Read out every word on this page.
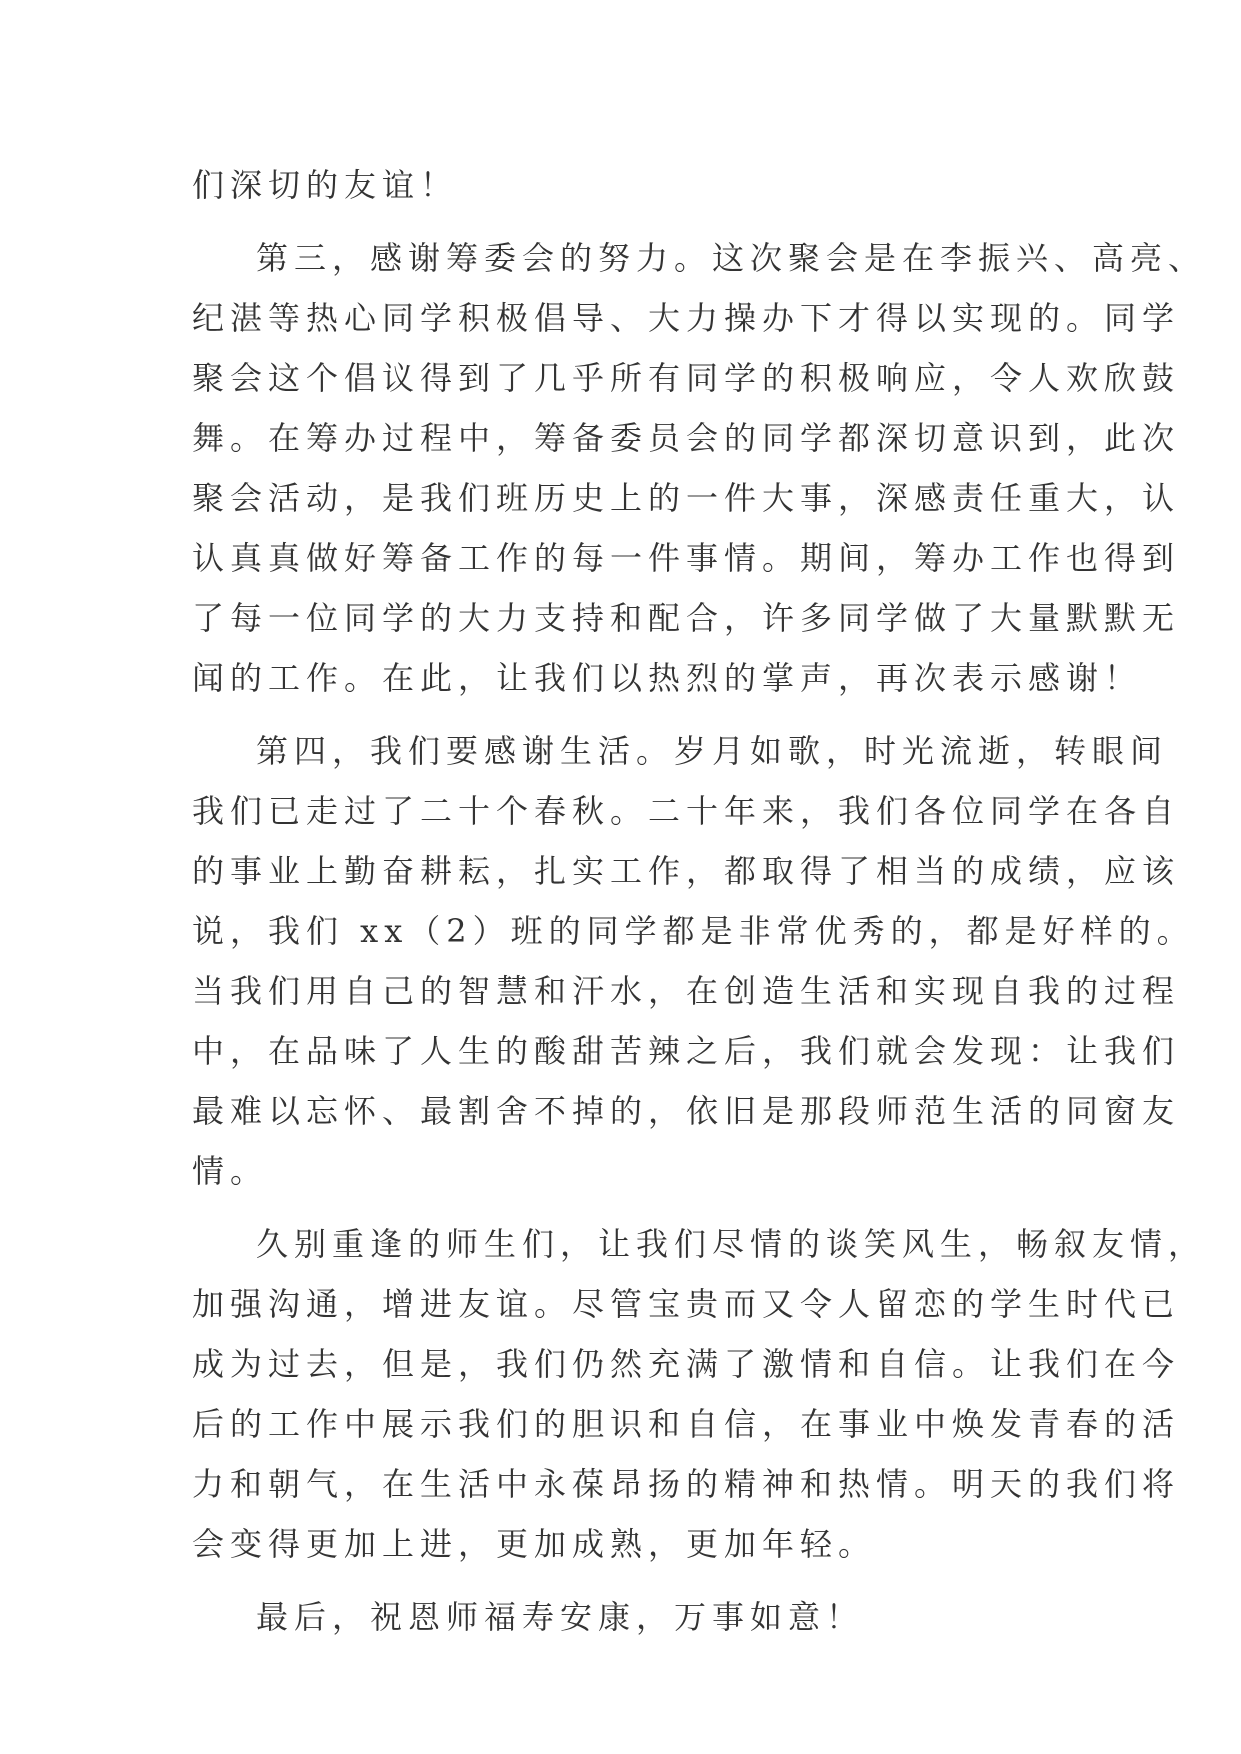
们深切的友谊！
第三，感谢筹委会的努力。这次聚会是在李振兴、高亮、
纪湛等热心同学积极倡导、大力操办下才得以实现的。同学
聚会这个倡议得到了几乎所有同学的积极响应，令人欢欣鼓
舞。在筹办过程中，筹备委员会的同学都深切意识到，此次
聚会活动，是我们班历史上的一件大事，深感责任重大，认
认真真做好筹备工作的每一件事情。期间，筹办工作也得到
了每一位同学的大力支持和配合，许多同学做了大量默默无
闻的工作。在此，让我们以热烈的掌声，再次表示感谢！
第四，我们要感谢生活。岁月如歌，时光流逝，转眼间
我们已走过了二十个春秋。二十年来，我们各位同学在各自
的事业上勤奋耕耘，扎实工作，都取得了相当的成绩，应该
说，我们 xx（2）班的同学都是非常优秀的，都是好样的。
当我们用自己的智慧和汗水，在创造生活和实现自我的过程
中，在品味了人生的酸甜苦辣之后，我们就会发现：让我们
最难以忘怀、最割舍不掉的，依旧是那段师范生活的同窗友
情。
久别重逢的师生们，让我们尽情的谈笑风生，畅叙友情，
加强沟通，增进友谊。尽管宝贵而又令人留恋的学生时代已
成为过去，但是，我们仍然充满了激情和自信。让我们在今
后的工作中展示我们的胆识和自信，在事业中焕发青春的活
力和朝气，在生活中永葆昂扬的精神和热情。明天的我们将
会变得更加上进，更加成熟，更加年轻。
最后，祝恩师福寿安康，万事如意！
